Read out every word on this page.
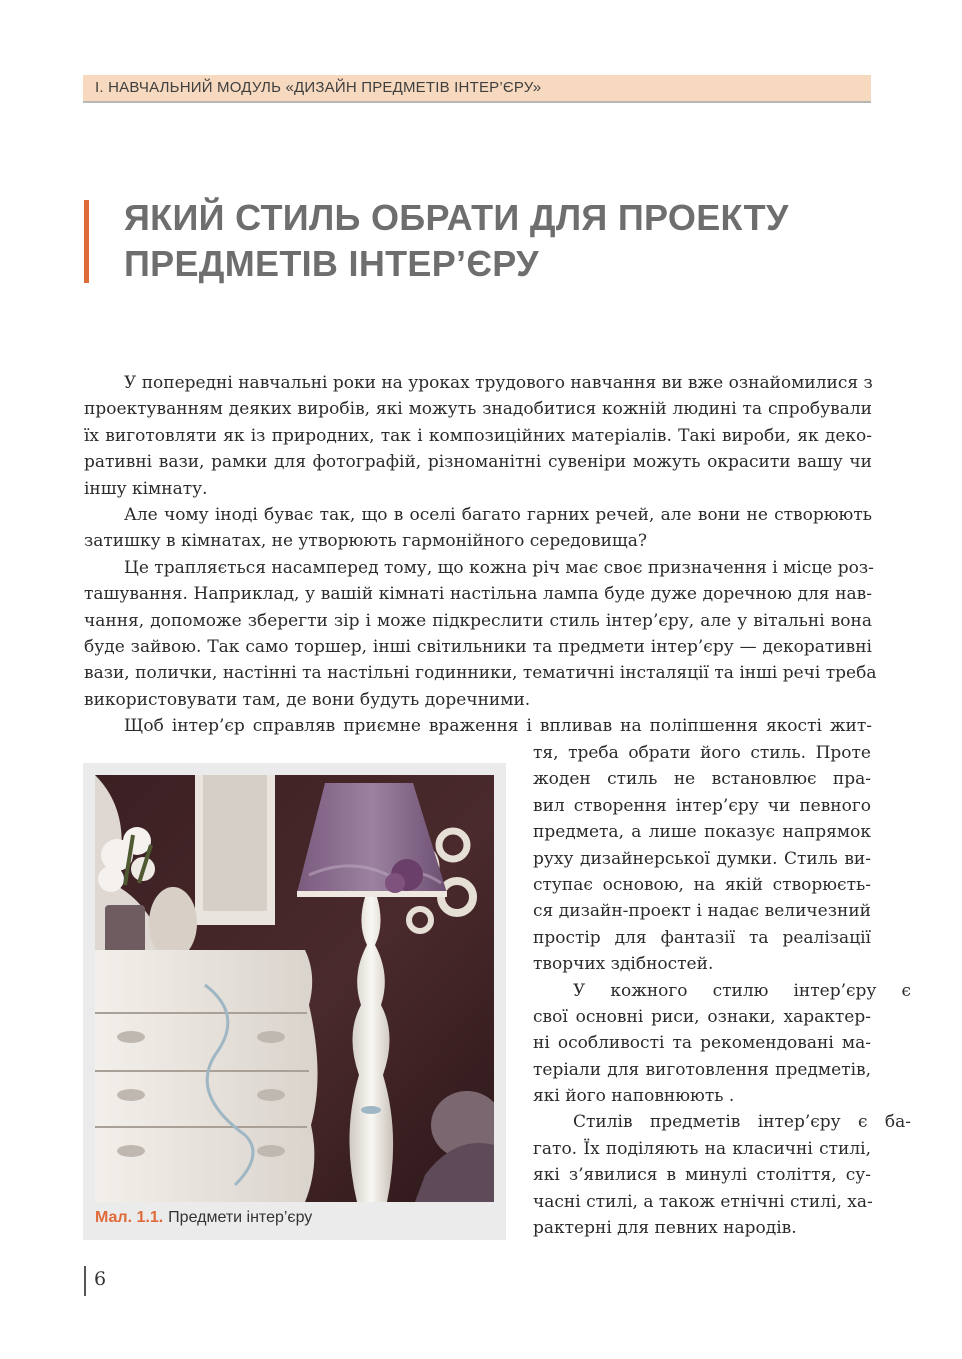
І. НАВЧАЛЬНИЙ МОДУЛЬ «ДИЗАЙН ПРЕДМЕТІВ ІНТЕР’ЄРУ»
ЯКИЙ СТИЛЬ ОБРАТИ ДЛЯ ПРОЕКТУ
ПРЕДМЕТІВ ІНТЕР’ЄРУ
У попередні навчальні роки на уроках трудового навчання ви вже ознайомилися з
проектуванням деяких виробів, які можуть знадобитися кожній людині та спробували
їх виготовляти як із природних, так і композиційних матеріалів. Такі вироби, як деко-
ративні вази, рамки для фотографій, різноманітні сувеніри можуть окрасити вашу чи
іншу кімнату.
Але чому іноді буває так, що в оселі багато гарних речей, але вони не створюють
затишку в кімнатах, не утворюють гармонійного середовища?
Це трапляється насамперед тому, що кожна річ має своє призначення і місце роз-
ташування. Наприклад, у вашій кімнаті настільна лампа буде дуже доречною для нав-
чання, допоможе зберегти зір і може підкреслити стиль інтер’єру, але у вітальні вона
буде зайвою. Так само торшер, інші світильники та предмети інтер’єру — декоративні
вази, полички, настінні та настільні годинники, тематичні інсталяції та інші речі треба
використовувати там, де вони будуть доречними.
Щоб інтер’єр справляв приємне враження і впливав на поліпшення якості жит-
тя, треба обрати його стиль. Проте
жоден стиль не встановлює пра-
вил створення інтер’єру чи певного
предмета, а лише показує напрямок
руху дизайнерської думки. Стиль ви-
ступає основою, на якій створюєть-
ся дизайн-проект і надає величезний
простір для фантазії та реалізації
творчих здібностей.
У кожного стилю інтер’єру є
свої основні риси, ознаки, характер-
ні особливості та рекомендовані ма-
теріали для виготовлення предметів,
які його наповнюють .
Стилів предметів інтер’єру є ба-
гато. Їх поділяють на класичні стилі,
які з’явилися в минулі століття, су-
часні стилі, а також етнічні стилі, ха-
рактерні для певних народів.
Мал. 1.1. Предмети інтер’єру
6
